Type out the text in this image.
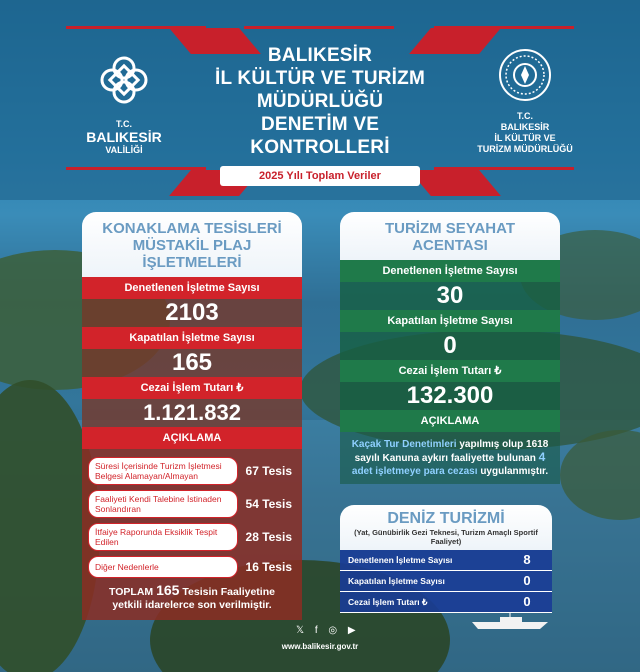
T.C.
BALIKESİR
VALİLİĞİ
BALIKESİR
İL KÜLTÜR VE TURİZM
MÜDÜRLÜĞÜ
DENETİM VE
KONTROLLERİ
2025 Yılı Toplam Veriler
T.C.
BALIKESİR
İL KÜLTÜR VE
TURİZM MÜDÜRLÜĞÜ
KONAKLAMA TESİSLERİ
MÜSTAKİL PLAJ
İŞLETMELERİ
Denetlenen İşletme Sayısı
2103
Kapatılan İşletme Sayısı
165
Cezai İşlem Tutarı ₺
1.121.832
AÇIKLAMA
Süresi İçerisinde Turizm İşletmesi Belgesi Alamayan/Almayan	67 Tesis
Faaliyeti Kendi Talebine İstinaden Sonlandıran	54 Tesis
İtfaiye Raporunda Eksiklik Tespit Edilen	28 Tesis
Diğer Nedenlerle	16 Tesis
TOPLAM 165 Tesisin Faaliyetine
yetkili idarelerce son verilmiştir.
TURİZM SEYAHAT
ACENTASI
Denetlenen İşletme Sayısı
30
Kapatılan İşletme Sayısı
0
Cezai İşlem Tutarı ₺
132.300
AÇIKLAMA
Kaçak Tur Denetimleri yapılmış olup 1618 sayılı Kanuna aykırı faaliyette bulunan 4 adet işletmeye para cezası uygulanmıştır.
DENİZ TURİZMİ
(Yat, Günübirlik Gezi Teknesi, Turizm Amaçlı Sportif Faaliyet)
Denetlenen İşletme Sayısı	8
Kapatılan İşletme Sayısı	0
Cezai İşlem Tutarı ₺	0
𝕏 f ◎ ▶
www.balikesir.gov.tr
